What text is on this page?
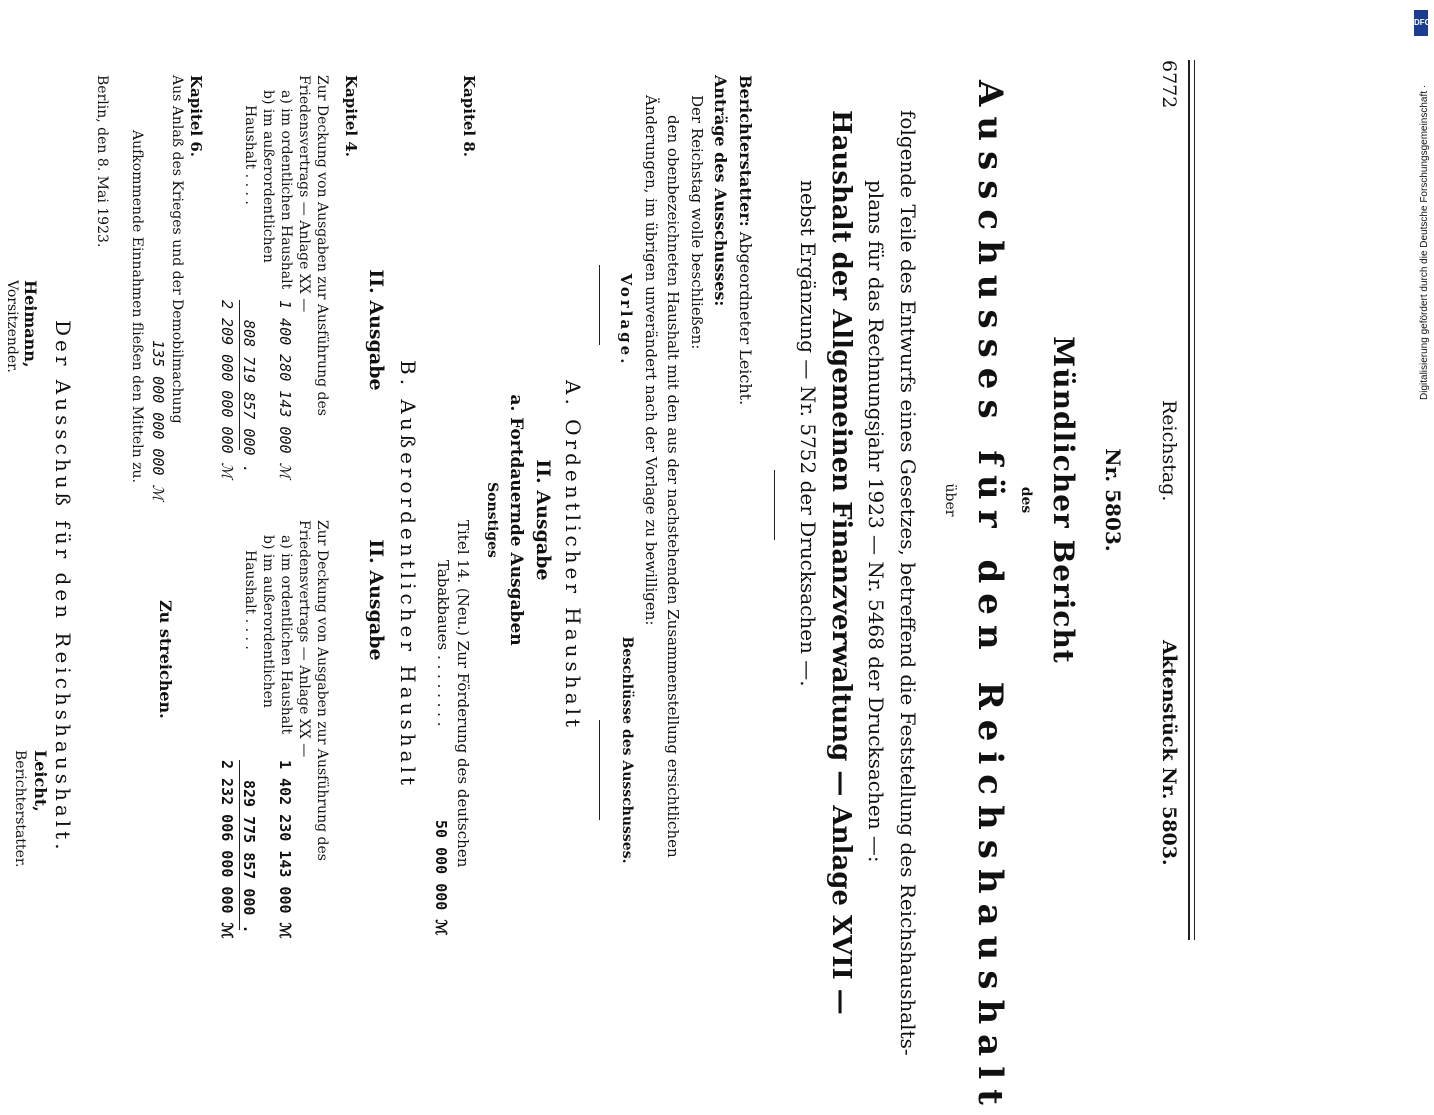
6772
Reichstag.
Aktenstück Nr. 5803.
Nr. 5803.
Mündlicher Bericht
des
Ausschusses für den Reichshaushalt
über
folgende Teile des Entwurfs eines Gesetzes, betreffend die Feststellung des Reichshaushalts-
plans für das Rechnungsjahr 1923 — Nr. 5468 der Drucksachen —:
Haushalt der Allgemeinen Finanzverwaltung — Anlage XVII —
nebst Ergänzung — Nr. 5752 der Drucksachen —.
Berichterstatter: Abgeordneter Leicht.
Anträge des Ausschusses:
Der Reichstag wolle beschließen:
den obenbezeichneten Haushalt mit den aus der nachstehenden Zusammenstellung ersichtlichen
Änderungen, im übrigen unverändert nach der Vorlage zu bewilligen:
Vorlage.
Beschlüsse des Ausschusses.
A. Ordentlicher Haushalt
II. Ausgabe
a. Fortdauernde Ausgaben
Sonstiges
Kapitel 8.
Titel 14. (Neu.) Zur Förderung des deutschen
Tabakbaues . . . . . . . .
50 000 000 ℳ
B. Außerordentlicher Haushalt
II. Ausgabe
II. Ausgabe
Kapitel 4.
Zur Deckung von Ausgaben zur Ausführung des
Friedensvertrags — Anlage XX —
a) im ordentlichen Haushalt
1 400 280 143 000 ℳ
b) im außerordentlichen
Haushalt . . . .
808 719 857 000 .
2 209 000 000 000 ℳ
Zur Deckung von Ausgaben zur Ausführung des
Friedensvertrags — Anlage XX —
a) im ordentlichen Haushalt
1 402 230 143 000 ℳ
b) im außerordentlichen
Haushalt . . . .
829 775 857 000 .
2 232 006 000 000 ℳ
Kapitel 6.
Aus Anlaß des Krieges und der Demobilmachung
135 000 000 000 ℳ
Zu streichen.
Aufkommende Einnahmen fließen den Mitteln zu.
Berlin, den 8. Mai 1923.
Der Ausschuß für den Reichshaushalt.
Heimann,
Vorsitzender.
Leicht,
Berichterstatter.
DFG
Digitalisierung gefördert durch die Deutsche Forschungsgemeinschaft ·
